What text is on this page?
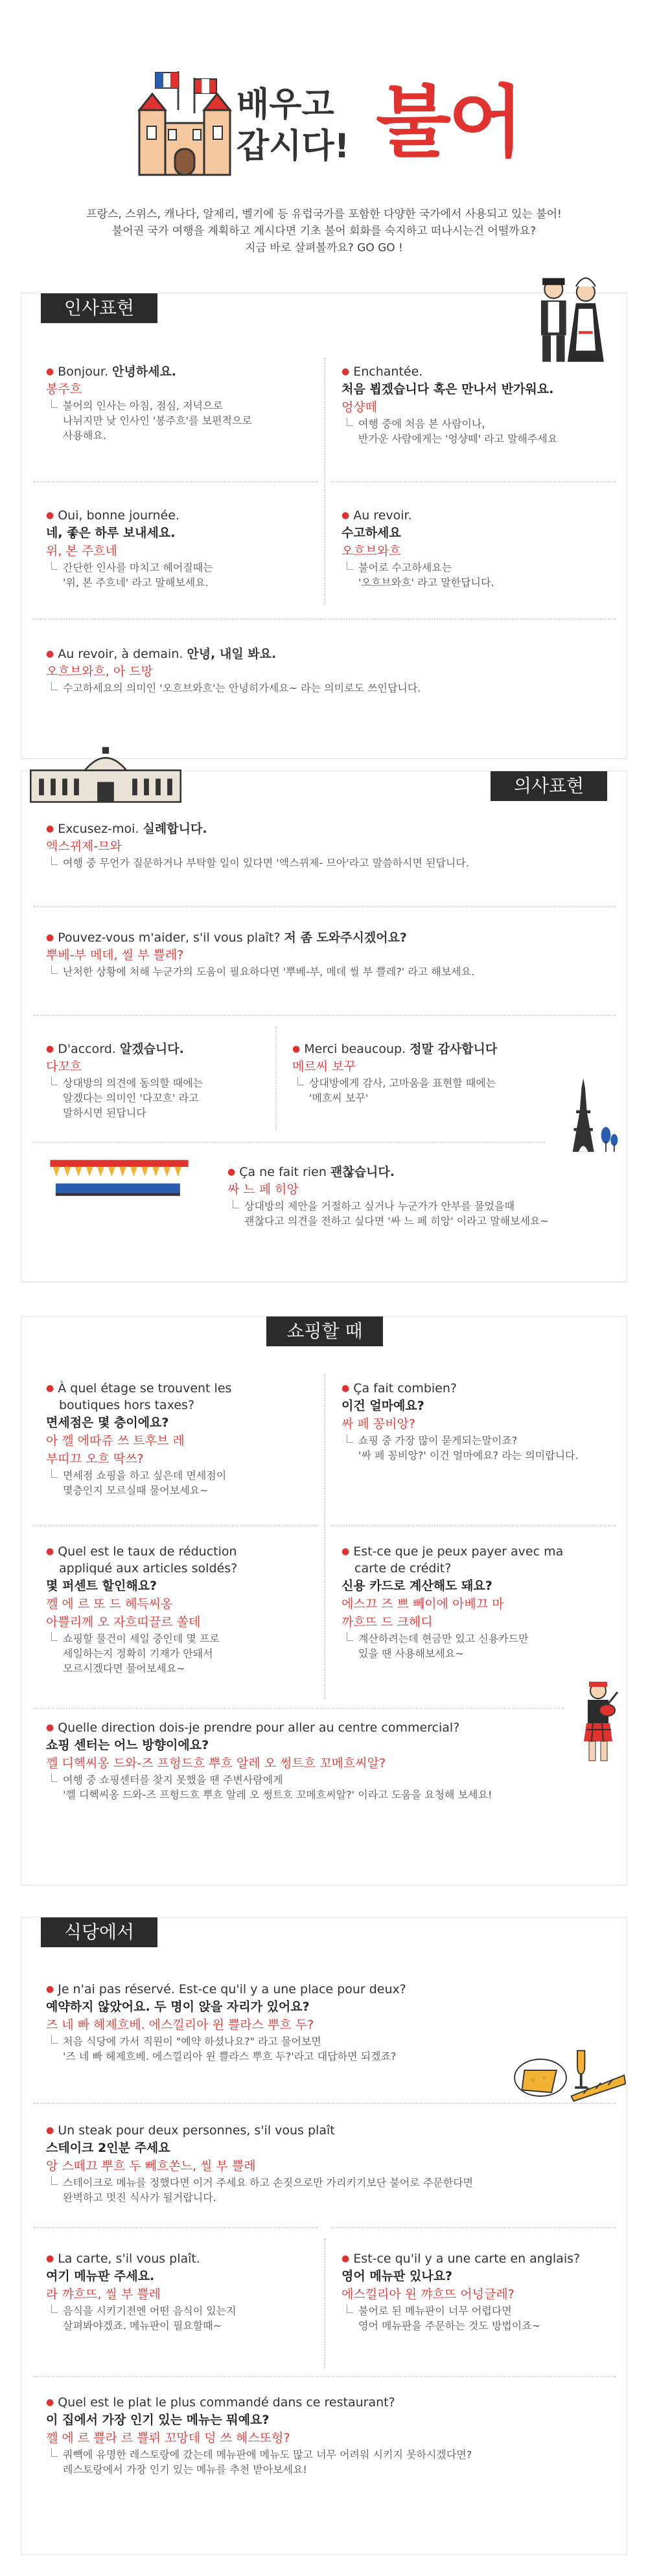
배우고
갑시다! 불어
프랑스, 스위스, 캐나다, 알제리, 벨기에 등 유럽국가를 포함한 다양한 국가에서 사용되고 있는 불어!
불어권 국가 여행을 계획하고 계시다면 기초 불어 회화를 숙지하고 떠나시는건 어떨까요?
지금 바로 살펴볼까요? GO GO !
인사표현
● Bonjour. 안녕하세요.
봉주흐
불어의 인사는 아침, 점심, 저녁으로
나뉘지만 낮 인사인 '봉주흐'를 보편적으로
사용해요.
● Enchantée.
처음 뵙겠습니다 혹은 만나서 반가워요.
엉샹떼
여행 중에 처음 본 사람이나,
반가운 사람에게는 '엉샹떼' 라고 말해주세요
● Oui, bonne journée.
네, 좋은 하루 보내세요.
위, 본 주흐네
간단한 인사를 마치고 헤어질때는
'위, 본 주흐네' 라고 말해보세요.
● Au revoir.
수고하세요
오흐브와흐
불어로 수고하세요는
'오흐브와흐' 라고 말한답니다.
● Au revoir, à demain. 안녕, 내일 봐요.
오흐브와흐, 아 드망
수고하세요의 의미인 '오흐브와흐'는 안녕히가세요~ 라는 의미로도 쓰인답니다.
의사표현
● Excusez-moi. 실례합니다.
엑스뀌제-므와
여행 중 무언가 질문하거나 부탁할 일이 있다면 '엑스뀌제- 므아'라고 말씀하시면 된답니다.
● Pouvez-vous m'aider, s'il vous plaît? 저 좀 도와주시겠어요?
뿌베-부 메데, 씰 부 쁠레?
난처한 상황에 처해 누군가의 도움이 필요하다면 '뿌베-부, 메데 씰 부 쁠레?' 라고 해보세요.
● D'accord. 알겠습니다.
다꼬흐
상대방의 의견에 동의할 때에는
알겠다는 의미인 '다꼬흐' 라고
말하시면 된답니다
● Merci beaucoup. 정말 감사합니다
메르씨 보꾸
상대방에게 감사, 고마움을 표현할 때에는
'메흐씨 보꾸'
● Ça ne fait rien 괜찮습니다.
싸 느 페 히앙
상대방의 제안을 거절하고 싶거나 누군가가 안부를 물었을때
괜찮다고 의견을 전하고 싶다면 '싸 느 페 히앙' 이라고 말해보세요~
쇼핑할 때
● À quel étage se trouvent les
boutiques hors taxes?
면세점은 몇 층이에요?
아 껠 에따쥬 쓰 트후브 레
부띠끄 오흐 딱쓰?
면세점 쇼핑을 하고 싶은데 면세점이
몇층인지 모르실때 물어보세요~
● Ça fait combien?
이건 얼마예요?
싸 페 꽁비앙?
쇼핑 중 가장 많이 묻게되는말이죠?
'싸 페 꽁비앙?' 이건 얼마예요? 라는 의미랍니다.
● Quel est le taux de réduction
appliqué aux articles soldés?
몇 퍼센트 할인해요?
껠 에 르 또 드 헤득씨옹
아쁠리께 오 자흐띠끌르 쏠데
쇼핑할 물건이 세일 중인데 몇 프로
세일하는지 정확히 기재가 안돼서
모르시겠다면 물어보세요~
● Est-ce que je peux payer avec ma
carte de crédit?
신용 카드로 계산해도 돼요?
에스끄 즈 쁘 뻬이에 아베끄 마
까흐뜨 드 크헤디
계산하려는데 현금만 있고 신용카드만
있을 땐 사용해보세요~
● Quelle direction dois-je prendre pour aller au centre commercial?
쇼핑 센터는 어느 방향이에요?
껠 디헥씨옹 드와-즈 프헝드흐 뿌흐 알레 오 썽트흐 꼬메흐씨알?
여행 중 쇼핑센터를 찾지 못했을 땐 주변사람에게
'껠 디헥씨옹 드와-즈 프헝드흐 뿌흐 알레 오 썽트흐 꼬메흐씨알?' 이라고 도움을 요청해 보세요!
식당에서
● Je n'ai pas réservé. Est-ce qu'il y a une place pour deux?
예약하지 않았어요. 두 명이 앉을 자리가 있어요?
즈 네 빠 헤제흐베. 에스낄리아 윈 쁠라스 뿌흐 두?
처음 식당에 가서 직원이 "예약 하셨나요?" 라고 물어보면
'즈 네 빠 헤제흐베. 에스낄리아 윈 쁠라스 뿌흐 두?'라고 대답하면 되겠죠?
● Un steak pour deux personnes, s'il vous plaît
스테이크 2인분 주세요
앙 스떼끄 뿌흐 두 뻬흐쏜느, 씰 부 쁠레
스테이크로 메뉴를 정했다면 이거 주세요 하고 손짓으로만 가리키기보단 불어로 주문한다면
완벽하고 멋진 식사가 될거랍니다.
● La carte, s'il vous plaît.
여기 메뉴판 주세요.
라 꺄흐뜨, 씰 부 쁠레
음식을 시키기전엔 어떤 음식이 있는지
살펴봐야겠죠. 메뉴판이 필요할때~
● Est-ce qu'il y a une carte en anglais?
영어 메뉴판 있나요?
에스낄리아 윈 꺄흐뜨 어넝글레?
불어로 된 메뉴판이 너무 어렵다면
영어 메뉴판을 주문하는 것도 방법이죠~
● Quel est le plat le plus commandé dans ce restaurant?
이 집에서 가장 인기 있는 메뉴는 뭐예요?
껠 에 르 쁠라 르 쁠뤼 꼬망데 덩 쓰 헤스또헝?
쿼빽에 유명한 레스토랑에 갔는데 메뉴판에 메뉴도 많고 너무 어려워 시키지 못하시겠다면?
레스토랑에서 가장 인기 있는 메뉴를 추천 받아보세요!
